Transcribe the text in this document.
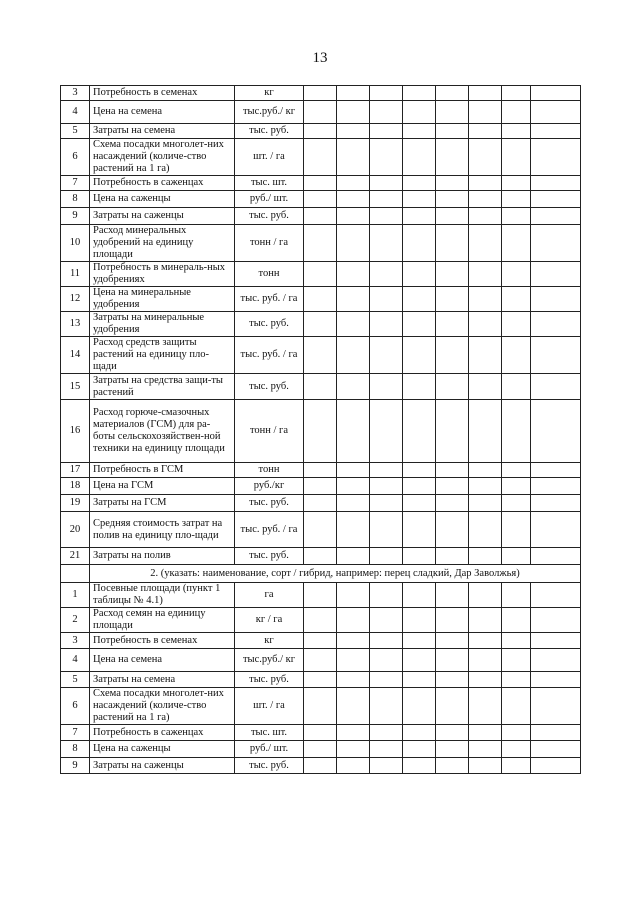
13
3	Потребность в семенах	кг								
4	Цена на семена	тыс.руб./ кг								
5	Затраты на семена	тыс. руб.								
6	Схема посадки многолет-них насаждений (количе-ство растений на 1 га)	шт. / га								
7	Потребность в саженцах	тыс. шт.								
8	Цена на саженцы	руб./ шт.								
9	Затраты на саженцы	тыс. руб.								
10	Расход минеральных удобрений на единицу площади	тонн / га								
11	Потребность в минераль-ных удобрениях	тонн								
12	Цена на минеральные удобрения	тыс. руб. / га								
13	Затраты на минеральные удобрения	тыс. руб.								
14	Расход средств защиты растений на единицу пло-щади	тыс. руб. / га								
15	Затраты на средства защи-ты растений	тыс. руб.								
16	Расход горюче-смазочных материалов (ГСМ) для ра-боты сельскохозяйствен-ной техники на единицу площади	тонн / га								
17	Потребность в ГСМ	тонн								
18	Цена на ГСМ	руб./кг								
19	Затраты на ГСМ	тыс. руб.								
20	Средняя стоимость затрат на полив на единицу пло-щади	тыс. руб. / га								
21	Затраты на полив	тыс. руб.								
	2. (указать: наименование, сорт / гибрид, например: перец сладкий, Дар Заволжья)									
1	Посевные площади (пункт 1 таблицы № 4.1)	га								
2	Расход семян на единицу площади	кг / га								
3	Потребность в семенах	кг								
4	Цена на семена	тыс.руб./ кг								
5	Затраты на семена	тыс. руб.								
6	Схема посадки многолет-них насаждений (количе-ство растений на 1 га)	шт. / га								
7	Потребность в саженцах	тыс. шт.								
8	Цена на саженцы	руб./ шт.								
9	Затраты на саженцы	тыс. руб.								
